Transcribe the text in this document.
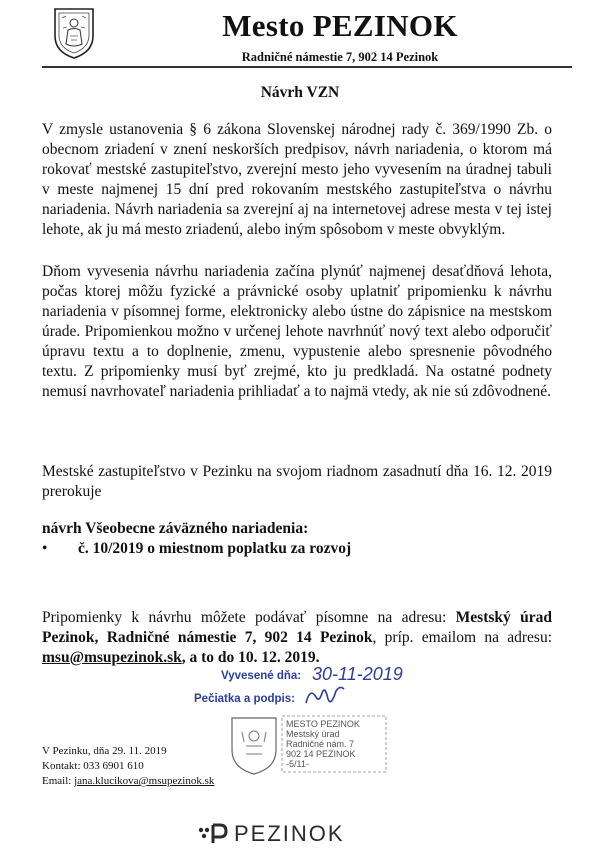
Mesto PEZINOK
Radničné námestie 7, 902 14 Pezinok
Návrh VZN
V zmysle ustanovenia § 6 zákona Slovenskej národnej rady č. 369/1990 Zb. o obecnom zriadení v znení neskorších predpisov, návrh nariadenia, o ktorom má rokovať mestské zastupiteľstvo, zverejní mesto jeho vyvesením na úradnej tabuli v meste najmenej 15 dní pred rokovaním mestského zastupiteľstva o návrhu nariadenia. Návrh nariadenia sa zverejní aj na internetovej adrese mesta v tej istej lehote, ak ju má mesto zriadenú, alebo iným spôsobom v meste obvyklým.
Dňom vyvesenia návrhu nariadenia začína plynúť najmenej desaťdňová lehota, počas ktorej môžu fyzické a právnické osoby uplatniť pripomienku k návrhu nariadenia v písomnej forme, elektronicky alebo ústne do zápisnice na mestskom úrade. Pripomienkou možno v určenej lehote navrhnúť nový text alebo odporučiť úpravu textu a to doplnenie, zmenu, vypustenie alebo spresnenie pôvodného textu. Z pripomienky musí byť zrejmé, kto ju predkladá. Na ostatné podnety nemusí navrhovateľ nariadenia prihliadať a to najmä vtedy, ak nie sú zdôvodnené.
Mestské zastupiteľstvo v Pezinku na svojom riadnom zasadnutí dňa 16. 12. 2019 prerokuje
návrh Všeobecne záväzného nariadenia:
• č. 10/2019 o miestnom poplatku za rozvoj
Pripomienky k návrhu môžete podávať písomne na adresu: Mestský úrad Pezinok, Radničné námestie 7, 902 14 Pezinok, príp. emailom na adresu: msu@msupezinok.sk, a to do 10. 12. 2019.
Vyvesené dňa: 30-11-2019
Pečiatka a podpis:
MESTO PEZINOK
Mestský úrad
Radničné nám. 7
902 14 PEZINOK
-5/11-
V Pezinku, dňa 29. 11. 2019
Kontakt: 033 6901 610
Email: jana.klucikova@msupezinok.sk
PEZINOK
